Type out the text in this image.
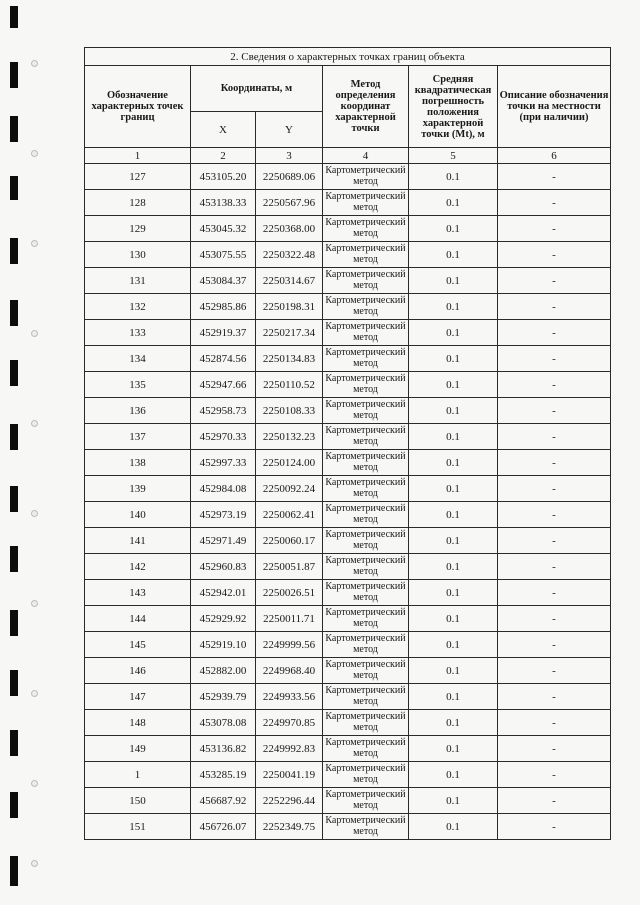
2. Сведения о характерных точках границ объекта					
Обозначение характерных точек границ	Координаты, м		Метод определения координат характерной точки	Средняя квадратическая погрешность положения характерной точки (Mt), м	Описание обозначения точки на местности (при наличии)
	X	Y			
1	2	3	4	5	6
127	453105.20	2250689.06	Картометрический метод	0.1	-
128	453138.33	2250567.96	Картометрический метод	0.1	-
129	453045.32	2250368.00	Картометрический метод	0.1	-
130	453075.55	2250322.48	Картометрический метод	0.1	-
131	453084.37	2250314.67	Картометрический метод	0.1	-
132	452985.86	2250198.31	Картометрический метод	0.1	-
133	452919.37	2250217.34	Картометрический метод	0.1	-
134	452874.56	2250134.83	Картометрический метод	0.1	-
135	452947.66	2250110.52	Картометрический метод	0.1	-
136	452958.73	2250108.33	Картометрический метод	0.1	-
137	452970.33	2250132.23	Картометрический метод	0.1	-
138	452997.33	2250124.00	Картометрический метод	0.1	-
139	452984.08	2250092.24	Картометрический метод	0.1	-
140	452973.19	2250062.41	Картометрический метод	0.1	-
141	452971.49	2250060.17	Картометрический метод	0.1	-
142	452960.83	2250051.87	Картометрический метод	0.1	-
143	452942.01	2250026.51	Картометрический метод	0.1	-
144	452929.92	2250011.71	Картометрический метод	0.1	-
145	452919.10	2249999.56	Картометрический метод	0.1	-
146	452882.00	2249968.40	Картометрический метод	0.1	-
147	452939.79	2249933.56	Картометрический метод	0.1	-
148	453078.08	2249970.85	Картометрический метод	0.1	-
149	453136.82	2249992.83	Картометрический метод	0.1	-
1	453285.19	2250041.19	Картометрический метод	0.1	-
150	456687.92	2252296.44	Картометрический метод	0.1	-
151	456726.07	2252349.75	Картометрический метод	0.1	-
